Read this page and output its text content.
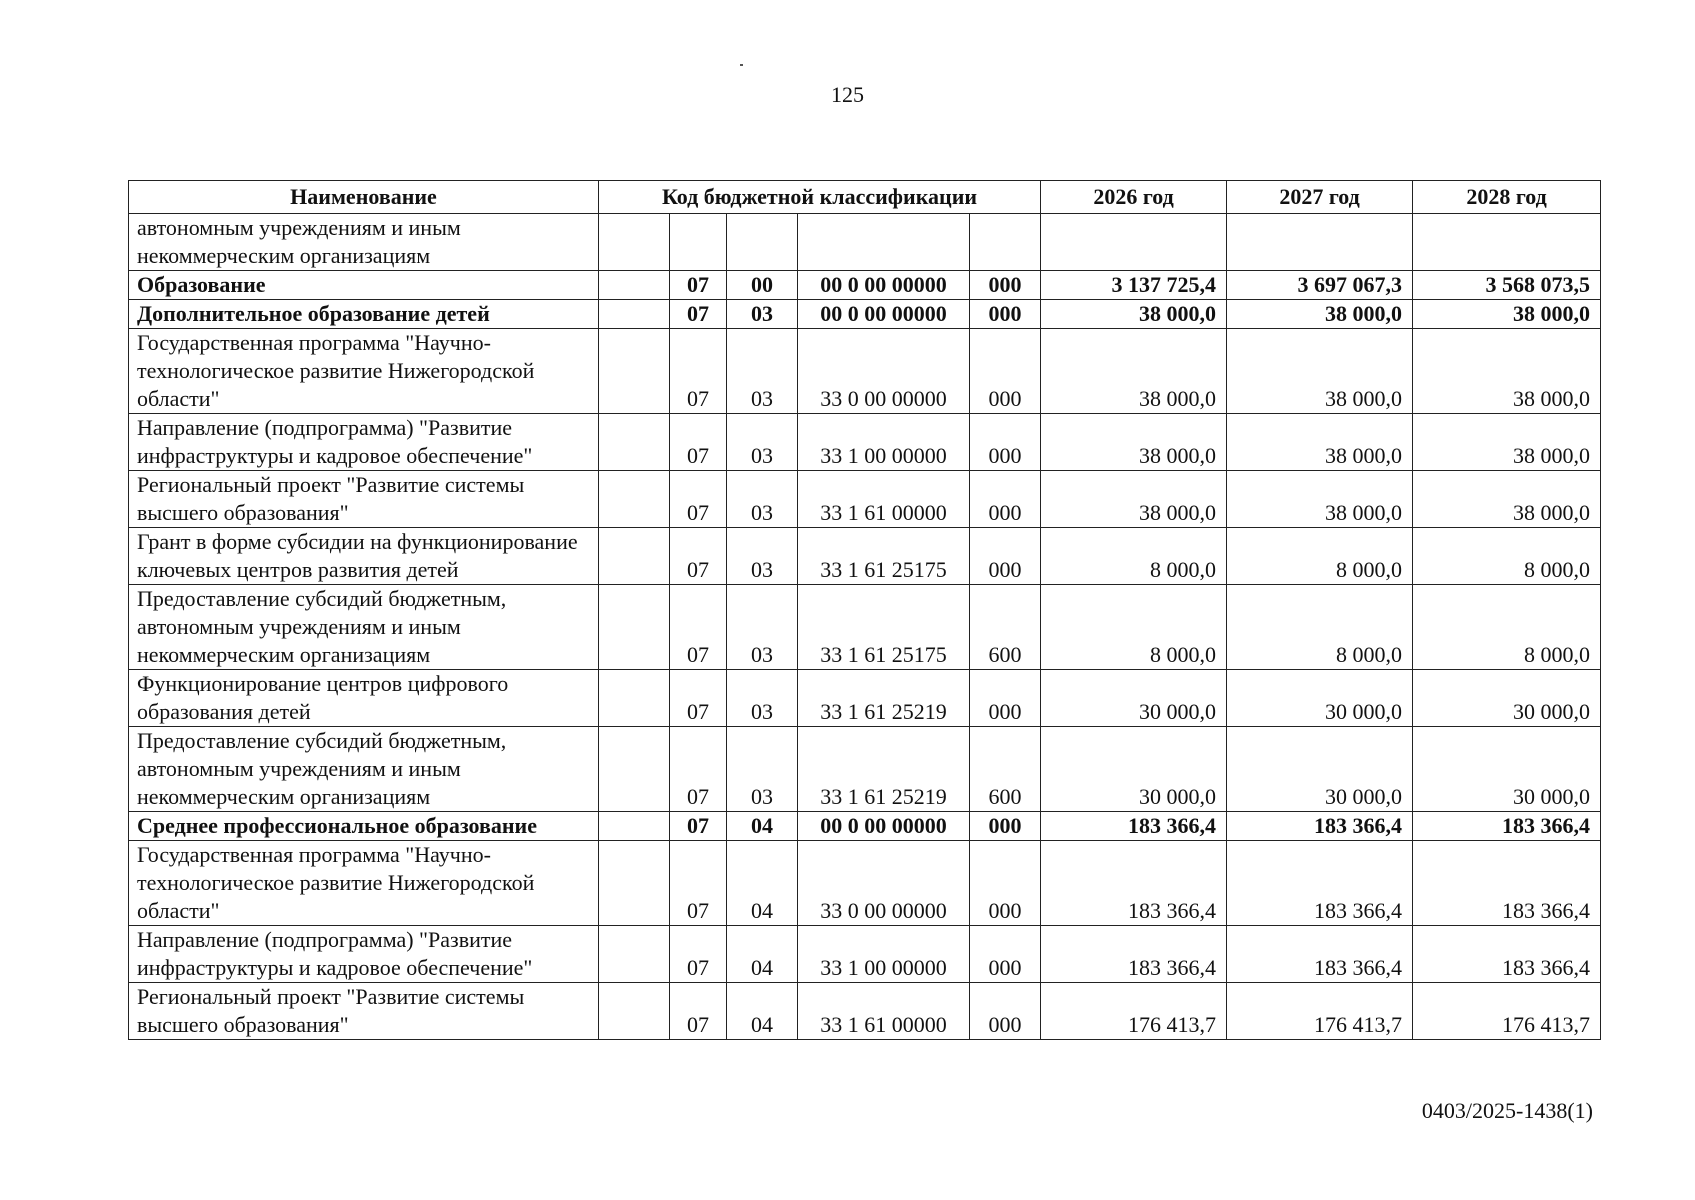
125
Наименование	Код бюджетной классификации					2026 год	2027 год	2028 год
автономным учреждениям и иным некоммерческим организациям								
Образование		07	00	00 0 00 00000	000	3 137 725,4	3 697 067,3	3 568 073,5
Дополнительное образование детей		07	03	00 0 00 00000	000	38 000,0	38 000,0	38 000,0
Государственная программа "Научно-технологическое развитие Нижегородской области"		07	03	33 0 00 00000	000	38 000,0	38 000,0	38 000,0
Направление (подпрограмма) "Развитие инфраструктуры и кадровое обеспечение"		07	03	33 1 00 00000	000	38 000,0	38 000,0	38 000,0
Региональный проект "Развитие системы высшего образования"		07	03	33 1 61 00000	000	38 000,0	38 000,0	38 000,0
Грант в форме субсидии на функционирование ключевых центров развития детей		07	03	33 1 61 25175	000	8 000,0	8 000,0	8 000,0
Предоставление субсидий бюджетным, автономным учреждениям и иным некоммерческим организациям		07	03	33 1 61 25175	600	8 000,0	8 000,0	8 000,0
Функционирование центров цифрового образования детей		07	03	33 1 61 25219	000	30 000,0	30 000,0	30 000,0
Предоставление субсидий бюджетным, автономным учреждениям и иным некоммерческим организациям		07	03	33 1 61 25219	600	30 000,0	30 000,0	30 000,0
Среднее профессиональное образование		07	04	00 0 00 00000	000	183 366,4	183 366,4	183 366,4
Государственная программа "Научно-технологическое развитие Нижегородской области"		07	04	33 0 00 00000	000	183 366,4	183 366,4	183 366,4
Направление (подпрограмма) "Развитие инфраструктуры и кадровое обеспечение"		07	04	33 1 00 00000	000	183 366,4	183 366,4	183 366,4
Региональный проект "Развитие системы высшего образования"		07	04	33 1 61 00000	000	176 413,7	176 413,7	176 413,7
0403/2025-1438(1)
